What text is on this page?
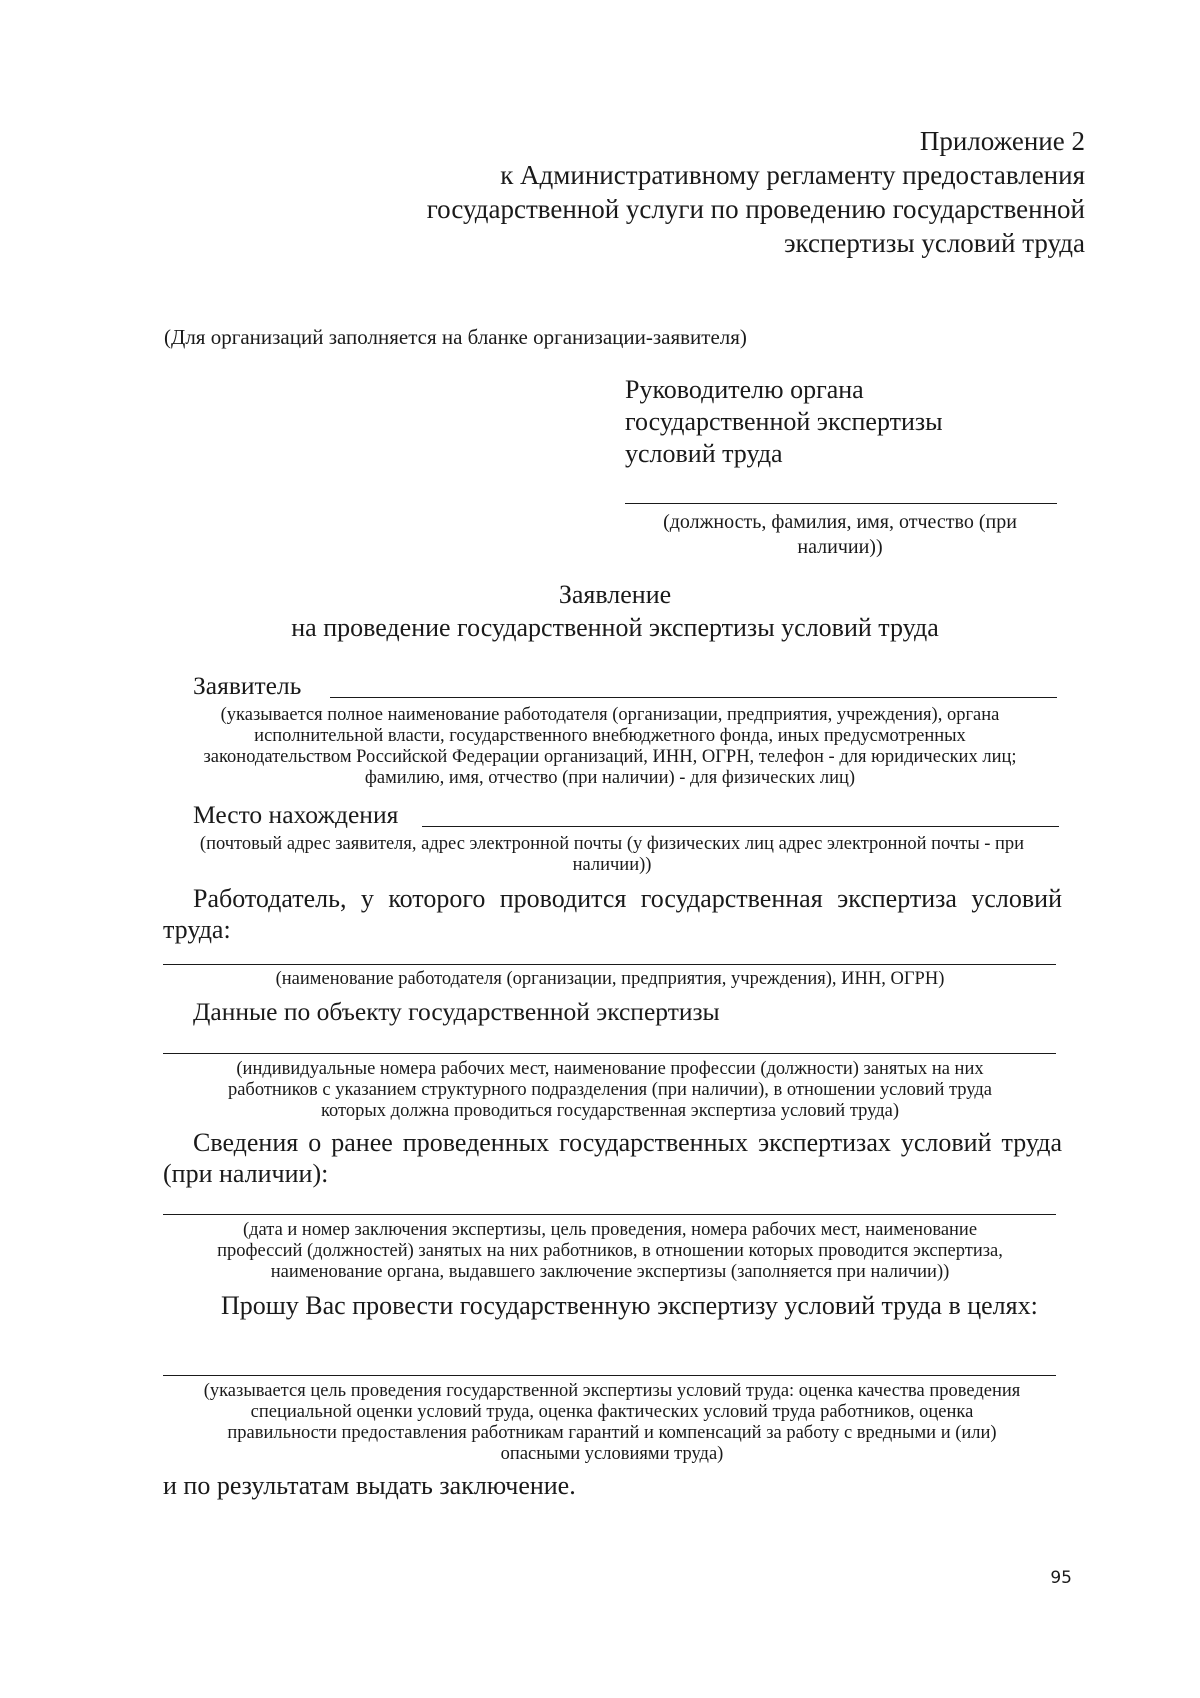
Приложение 2
к Административному регламенту предоставления
государственной услуги по проведению государственной
экспертизы условий труда
(Для организаций заполняется на бланке организации-заявителя)
Руководителю органа
государственной экспертизы
условий труда
(должность, фамилия, имя, отчество (при
наличии))
Заявление
на проведение государственной экспертизы условий труда
Заявитель
(указывается полное наименование работодателя (организации, предприятия, учреждения), органа
исполнительной власти, государственного внебюджетного фонда, иных предусмотренных
законодательством Российской Федерации организаций, ИНН, ОГРН, телефон - для юридических лиц;
фамилию, имя, отчество (при наличии) - для физических лиц)
Место нахождения
(почтовый адрес заявителя, адрес электронной почты (у физических лиц адрес электронной почты - при
наличии))
Работодатель, у которого проводится государственная экспертиза условий труда:
(наименование работодателя (организации, предприятия, учреждения), ИНН, ОГРН)
Данные по объекту государственной экспертизы
(индивидуальные номера рабочих мест, наименование профессии (должности) занятых на них
работников с указанием структурного подразделения (при наличии), в отношении условий труда
которых должна проводиться государственная экспертиза условий труда)
Сведения о ранее проведенных государственных экспертизах условий труда (при наличии):
(дата и номер заключения экспертизы, цель проведения, номера рабочих мест, наименование
профессий (должностей) занятых на них работников, в отношении которых проводится экспертиза,
наименование органа, выдавшего заключение экспертизы (заполняется при наличии))
Прошу Вас провести государственную экспертизу условий труда в целях:
(указывается цель проведения государственной экспертизы условий труда: оценка качества проведения
специальной оценки условий труда, оценка фактических условий труда работников, оценка
правильности предоставления работникам гарантий и компенсаций за работу с вредными и (или)
опасными условиями труда)
и по результатам выдать заключение.
95
